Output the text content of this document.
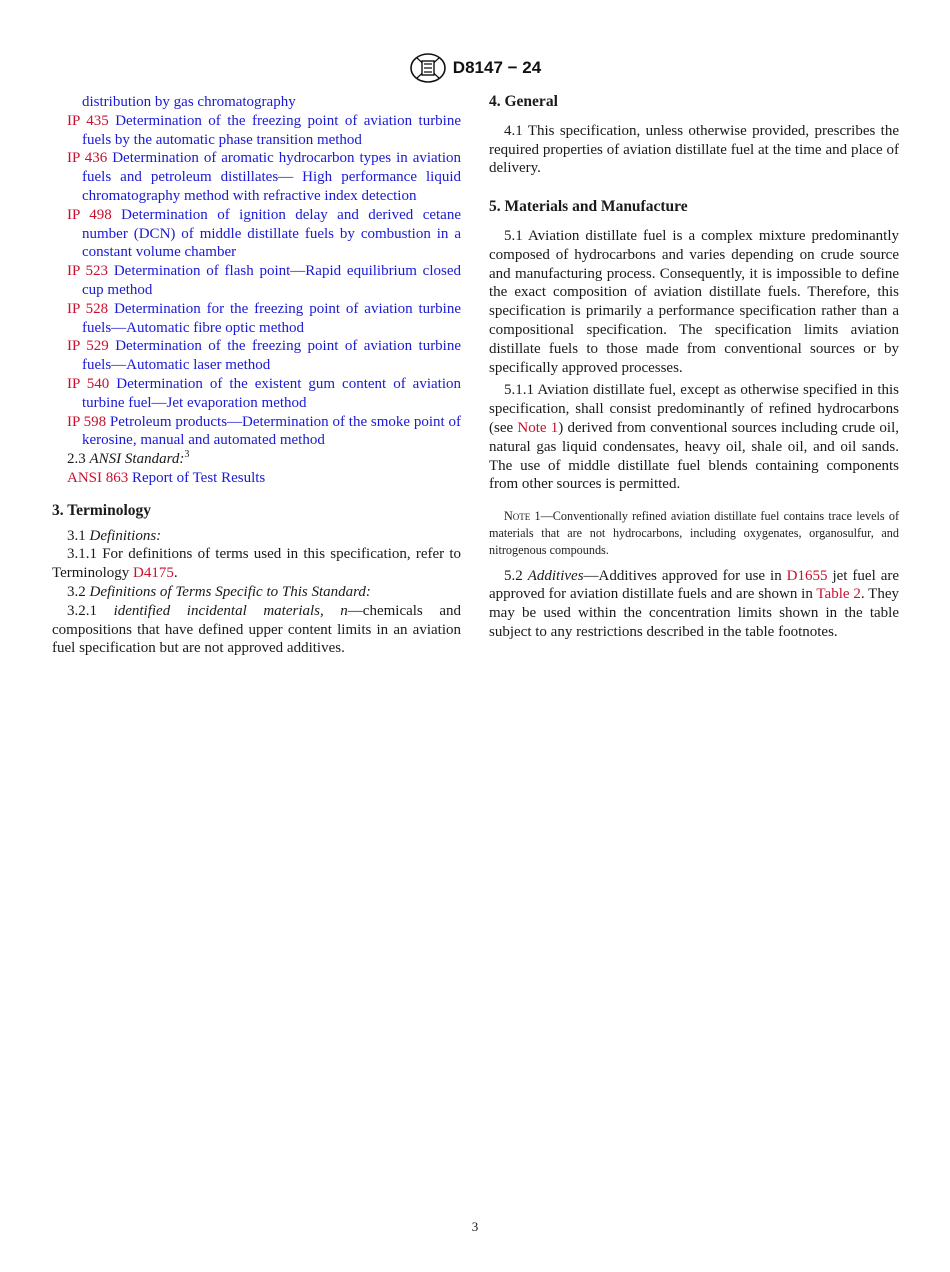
D8147 − 24

distribution by gas chromatography

IP 435 Determination of the freezing point of aviation turbine fuels by the automatic phase transition method

IP 436 Determination of aromatic hydrocarbon types in aviation fuels and petroleum distillates— High performance liquid chromatography method with refractive index detection

IP 498 Determination of ignition delay and derived cetane number (DCN) of middle distillate fuels by combustion in a constant volume chamber

IP 523 Determination of flash point—Rapid equilibrium closed cup method

IP 528 Determination for the freezing point of aviation turbine fuels—Automatic fibre optic method

IP 529 Determination of the freezing point of aviation turbine fuels—Automatic laser method

IP 540 Determination of the existent gum content of aviation turbine fuel—Jet evaporation method

IP 598 Petroleum products—Determination of the smoke point of kerosine, manual and automated method

2.3 ANSI Standard:$^3$

ANSI 863 Report of Test Results

3. Terminology

3.1 Definitions:

3.1.1 For definitions of terms used in this specification, refer to Terminology D4175.

3.2 Definitions of Terms Specific to This Standard:

3.2.1 identified incidental materials, n—chemicals and compositions that have defined upper content limits in an aviation fuel specification but are not approved additives.

4. General

4.1 This specification, unless otherwise provided, prescribes the required properties of aviation distillate fuel at the time and place of delivery.

5. Materials and Manufacture

5.1 Aviation distillate fuel is a complex mixture predominantly composed of hydrocarbons and varies depending on crude source and manufacturing process. Consequently, it is impossible to define the exact composition of aviation distillate fuels. Therefore, this specification is primarily a performance specification rather than a compositional specification. The specification limits aviation distillate fuels to those made from conventional sources or by specifically approved processes.

5.1.1 Aviation distillate fuel, except as otherwise specified in this specification, shall consist predominantly of refined hydrocarbons (see Note 1) derived from conventional sources including crude oil, natural gas liquid condensates, heavy oil, shale oil, and oil sands. The use of middle distillate fuel blends containing components from other sources is permitted.

Note 1—Conventionally refined aviation distillate fuel contains trace levels of materials that are not hydrocarbons, including oxygenates, organosulfur, and nitrogenous compounds.

5.2 Additives—Additives approved for use in D1655 jet fuel are approved for aviation distillate fuels and are shown in Table 2. They may be used within the concentration limits shown in the table subject to any restrictions described in the table footnotes.

3
